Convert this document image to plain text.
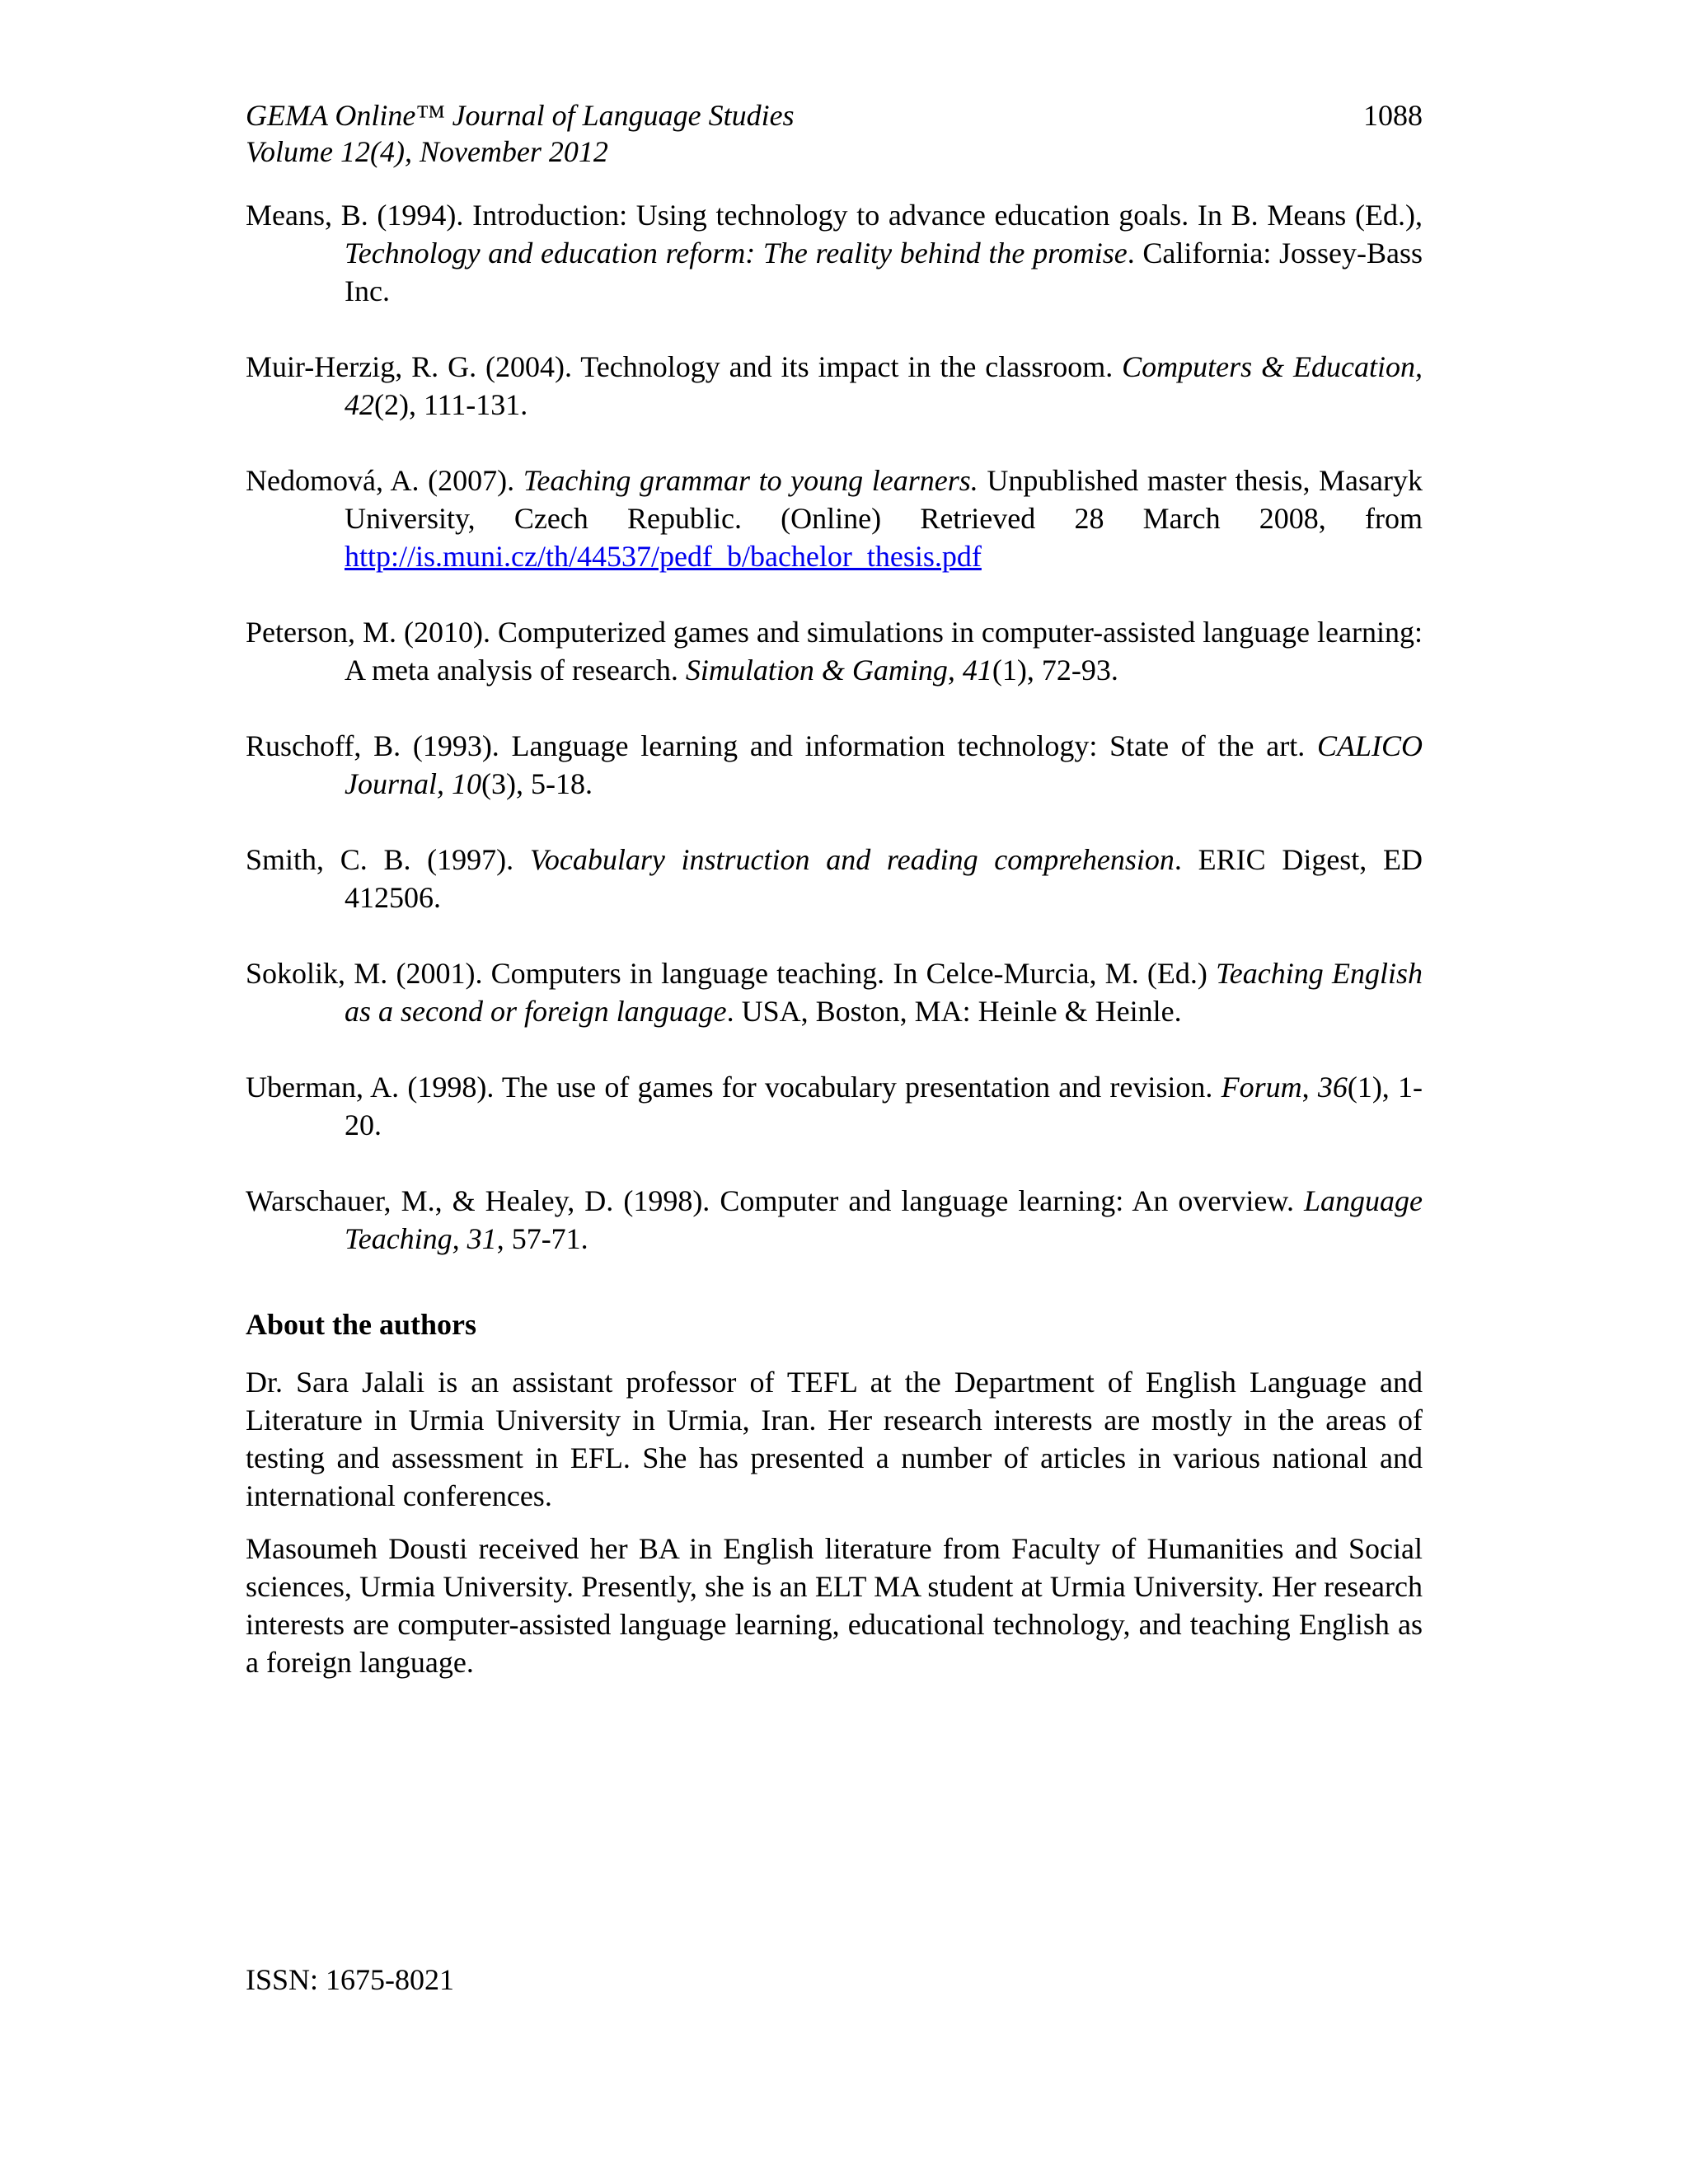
GEMA Online™ Journal of Language Studies
Volume 12(4), November 2012
1088

Means, B. (1994). Introduction: Using technology to advance education goals. In B. Means (Ed.), Technology and education reform: The reality behind the promise. California: Jossey-Bass Inc.

Muir-Herzig, R. G. (2004). Technology and its impact in the classroom. Computers & Education, 42(2), 111-131.

Nedomová, A. (2007). Teaching grammar to young learners. Unpublished master thesis, Masaryk University, Czech Republic. (Online) Retrieved 28 March 2008, from http://is.muni.cz/th/44537/pedf_b/bachelor_thesis.pdf

Peterson, M. (2010). Computerized games and simulations in computer-assisted language learning: A meta analysis of research. Simulation & Gaming, 41(1), 72-93.

Ruschoff, B. (1993). Language learning and information technology: State of the art. CALICO Journal, 10(3), 5-18.

Smith, C. B. (1997). Vocabulary instruction and reading comprehension. ERIC Digest, ED 412506.

Sokolik, M. (2001). Computers in language teaching. In Celce-Murcia, M. (Ed.) Teaching English as a second or foreign language. USA, Boston, MA: Heinle & Heinle.

Uberman, A. (1998). The use of games for vocabulary presentation and revision. Forum, 36(1), 1-20.

Warschauer, M., & Healey, D. (1998). Computer and language learning: An overview. Language Teaching, 31, 57-71.

About the authors

Dr. Sara Jalali is an assistant professor of TEFL at the Department of English Language and Literature in Urmia University in Urmia, Iran. Her research interests are mostly in the areas of testing and assessment in EFL. She has presented a number of articles in various national and international conferences.

Masoumeh Dousti received her BA in English literature from Faculty of Humanities and Social sciences, Urmia University. Presently, she is an ELT MA student at Urmia University. Her research interests are computer-assisted language learning, educational technology, and teaching English as a foreign language.

ISSN: 1675-8021
